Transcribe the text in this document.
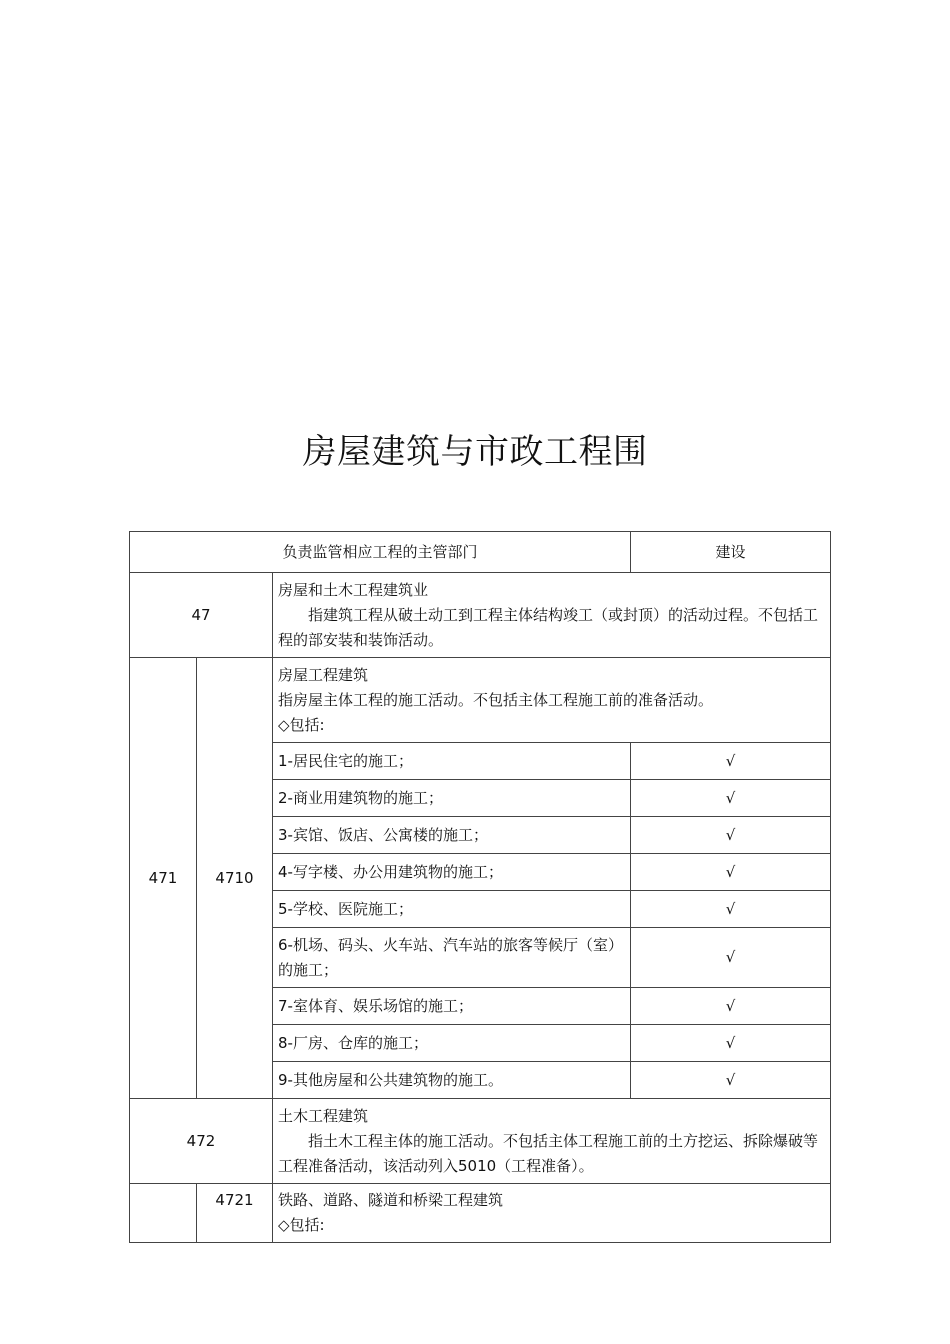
房屋建筑与市政工程围
负责监管相应工程的主管部门			建设
47		房屋和土木工程建筑业
指建筑工程从破土动工到工程主体结构竣工（或封顶）的活动过程。不包括工程的部安装和装饰活动。	

471	4710	房屋工程建筑
指房屋主体工程的施工活动。不包括主体工程施工前的准备活动。
◇包括:	

		1-居民住宅的施工；	√
		2-商业用建筑物的施工；	√
		3-宾馆、饭店、公寓楼的施工；	√
		4-写字楼、办公用建筑物的施工；	√
		5-学校、医院施工；	√
		6-机场、码头、火车站、汽车站的旅客等候厅（室）的施工；	√
		7-室体育、娱乐场馆的施工；	√
		8-厂房、仓库的施工；	√
		9-其他房屋和公共建筑物的施工。	√
472		土木工程建筑
指土木工程主体的施工活动。不包括主体工程施工前的土方挖运、拆除爆破等工程准备活动，该活动列入5010（工程准备）。	

	4721	铁路、道路、隧道和桥梁工程建筑
◇包括:	
